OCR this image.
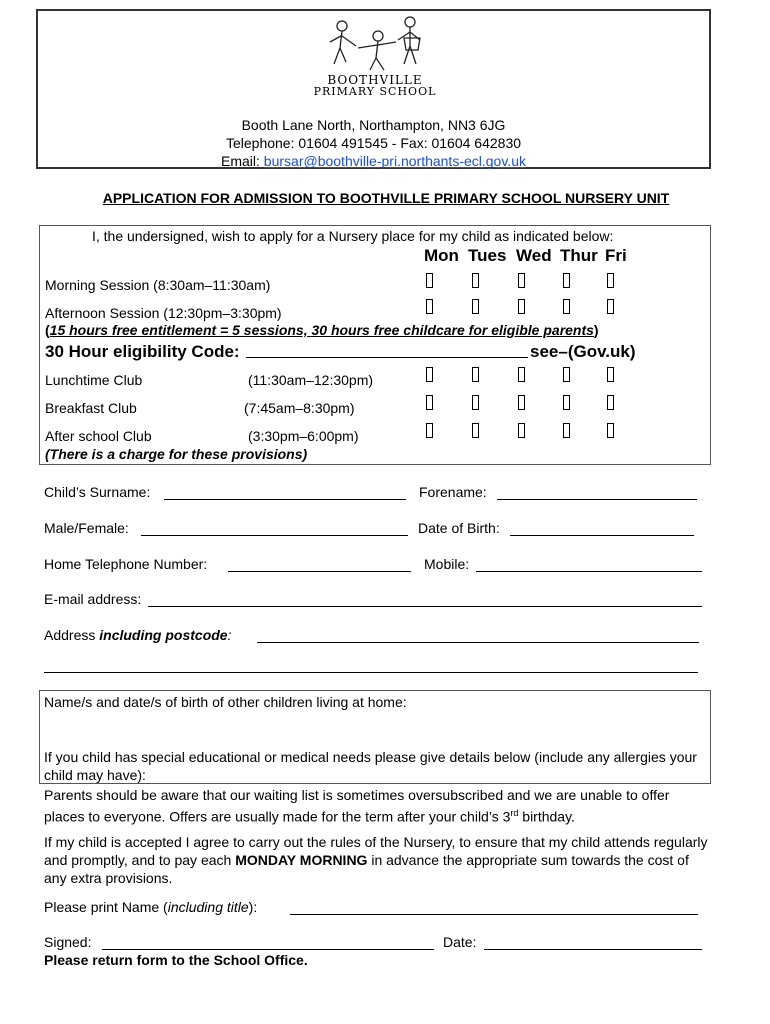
BOOTHVILLE
PRIMARY SCHOOL
Booth Lane North, Northampton, NN3 6JG
Telephone: 01604 491545 - Fax: 01604 642830
Email: bursar@boothville-pri.northants-ecl.gov.uk
APPLICATION FOR ADMISSION TO BOOTHVILLE PRIMARY SCHOOL NURSERY UNIT
I, the undersigned, wish to apply for a Nursery place for my child as indicated below:
Mon Tues Wed Thur Fri
Morning Session (8:30am–11:30am)
Afternoon Session (12:30pm–3:30pm)
(15 hours free entitlement = 5 sessions, 30 hours free childcare for eligible parents)
30 Hour eligibility Code:	see–(Gov.uk)
Lunchtime Club	(11:30am–12:30pm)
Breakfast Club	(7:45am–8:30pm)
After school Club	(3:30pm–6:00pm)
(There is a charge for these provisions)
Child’s Surname:	Forename:
Male/Female:	Date of Birth:
Home Telephone Number:	Mobile:
E-mail address:
Address including postcode:
Name/s and date/s of birth of other children living at home:
If you child has special educational or medical needs please give details below (include any allergies your child may have):
Parents should be aware that our waiting list is sometimes oversubscribed and we are unable to offer places to everyone. Offers are usually made for the term after your child’s 3rd birthday.
If my child is accepted I agree to carry out the rules of the Nursery, to ensure that my child attends regularly and promptly, and to pay each MONDAY MORNING in advance the appropriate sum towards the cost of any extra provisions.
Please print Name (including title):
Signed:	Date:
Please return form to the School Office.
